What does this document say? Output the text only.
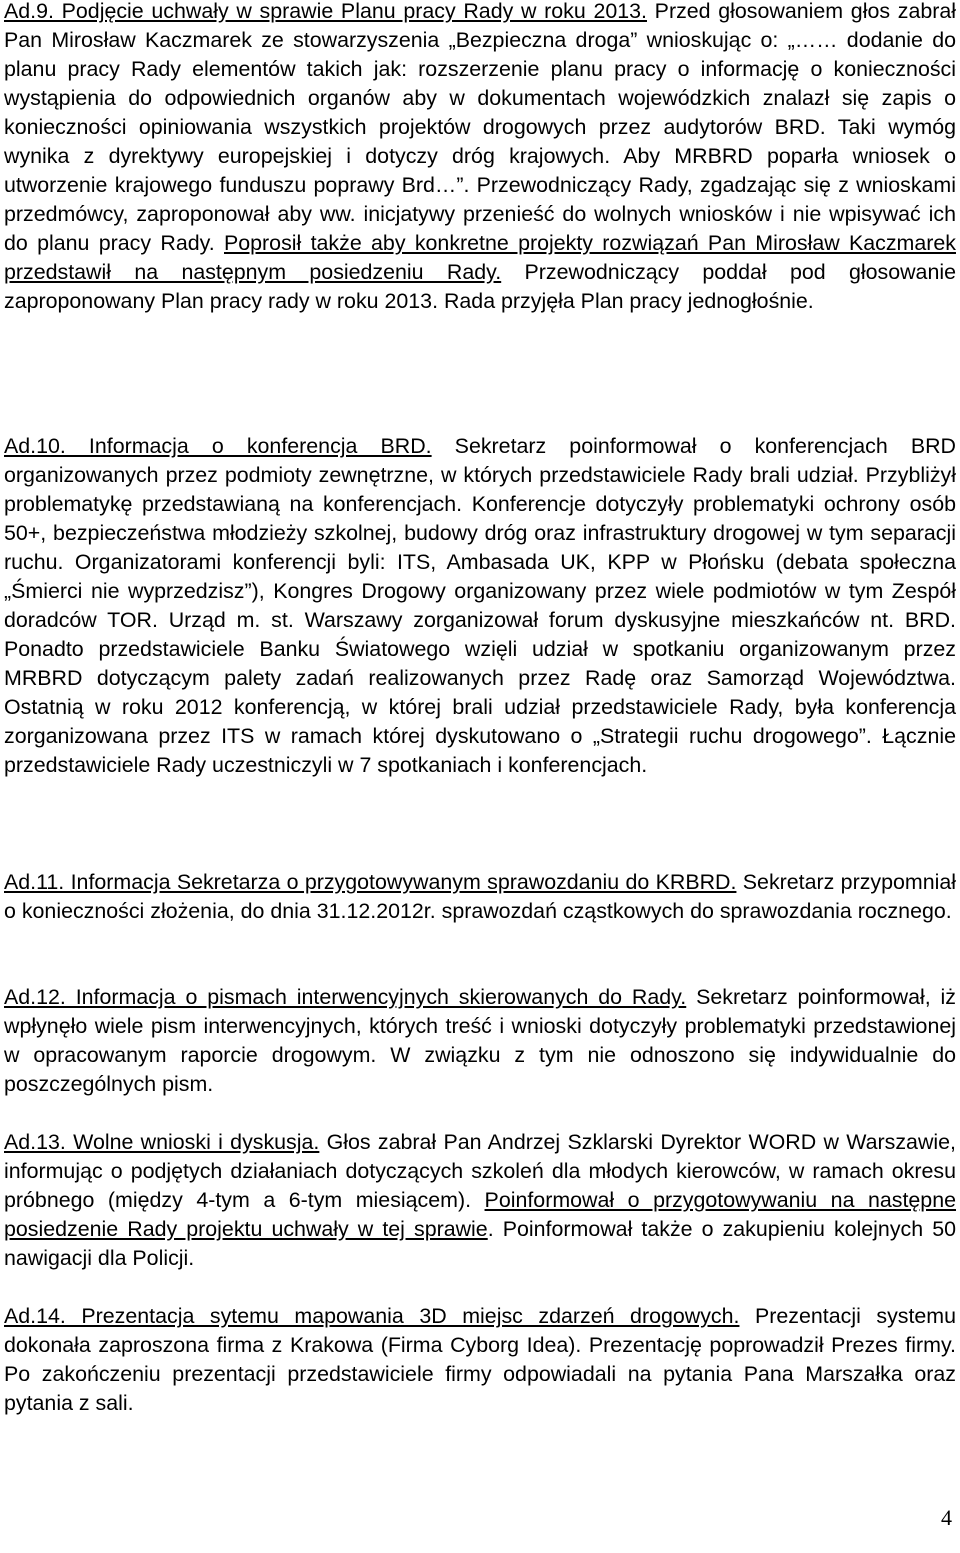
Ad.9. Podjęcie uchwały w sprawie Planu pracy Rady w roku 2013. Przed głosowaniem głos zabrał Pan Mirosław Kaczmarek ze stowarzyszenia „Bezpieczna droga” wnioskując o: „…… dodanie do planu pracy Rady elementów takich jak: rozszerzenie planu pracy o informację o konieczności wystąpienia do odpowiednich organów aby w dokumentach wojewódzkich znalazł się zapis o konieczności opiniowania wszystkich projektów drogowych przez audytorów BRD. Taki wymóg wynika z dyrektywy europejskiej i dotyczy dróg krajowych. Aby MRBRD poparła wniosek o utworzenie krajowego funduszu poprawy Brd…”. Przewodniczący Rady, zgadzając się z wnioskami przedmówcy, zaproponował aby ww. inicjatywy przenieść do wolnych wniosków i nie wpisywać ich do planu pracy Rady. Poprosił także aby konkretne projekty rozwiązań Pan Mirosław Kaczmarek przedstawił na następnym posiedzeniu Rady. Przewodniczący poddał pod głosowanie zaproponowany Plan pracy rady w roku 2013. Rada przyjęła Plan pracy jednogłośnie.

Ad.10. Informacja o konferencja BRD. Sekretarz poinformował o konferencjach BRD organizowanych przez podmioty zewnętrzne, w których przedstawiciele Rady brali udział. Przybliżył problematykę przedstawianą na konferencjach. Konferencje dotyczyły problematyki ochrony osób 50+, bezpieczeństwa młodzieży szkolnej, budowy dróg oraz infrastruktury drogowej w tym separacji ruchu. Organizatorami konferencji byli: ITS, Ambasada UK, KPP w Płońsku (debata społeczna „Śmierci nie wyprzedzisz”), Kongres Drogowy organizowany przez wiele podmiotów w tym Zespół doradców TOR. Urząd m. st. Warszawy zorganizował forum dyskusyjne mieszkańców nt. BRD. Ponadto przedstawiciele Banku Światowego wzięli udział w spotkaniu organizowanym przez MRBRD dotyczącym palety zadań realizowanych przez Radę oraz Samorząd Województwa. Ostatnią w roku 2012 konferencją, w której brali udział przedstawiciele Rady, była konferencja zorganizowana przez ITS w ramach której dyskutowano o „Strategii ruchu drogowego”. Łącznie przedstawiciele Rady uczestniczyli w 7 spotkaniach i konferencjach.

Ad.11. Informacja Sekretarza o przygotowywanym sprawozdaniu do KRBRD. Sekretarz przypomniał o konieczności złożenia, do dnia 31.12.2012r. sprawozdań cząstkowych do sprawozdania rocznego.

Ad.12. Informacja o pismach interwencyjnych skierowanych do Rady. Sekretarz poinformował, iż wpłynęło wiele pism interwencyjnych, których treść i wnioski dotyczyły problematyki przedstawionej w opracowanym raporcie drogowym. W związku z tym nie odnoszono się indywidualnie do poszczególnych pism.

Ad.13. Wolne wnioski i dyskusja. Głos zabrał Pan Andrzej Szklarski Dyrektor WORD w Warszawie, informując o podjętych działaniach dotyczących szkoleń dla młodych kierowców, w ramach okresu próbnego (między 4-tym a 6-tym miesiącem). Poinformował o przygotowywaniu na następne posiedzenie Rady projektu uchwały w tej sprawie. Poinformował także o zakupieniu kolejnych 50 nawigacji dla Policji.

Ad.14. Prezentacja sytemu mapowania 3D miejsc zdarzeń drogowych. Prezentacji systemu dokonała zaproszona firma z Krakowa (Firma Cyborg Idea). Prezentację poprowadził Prezes firmy. Po zakończeniu prezentacji przedstawiciele firmy odpowiadali na pytania Pana Marszałka oraz pytania z sali.

4
